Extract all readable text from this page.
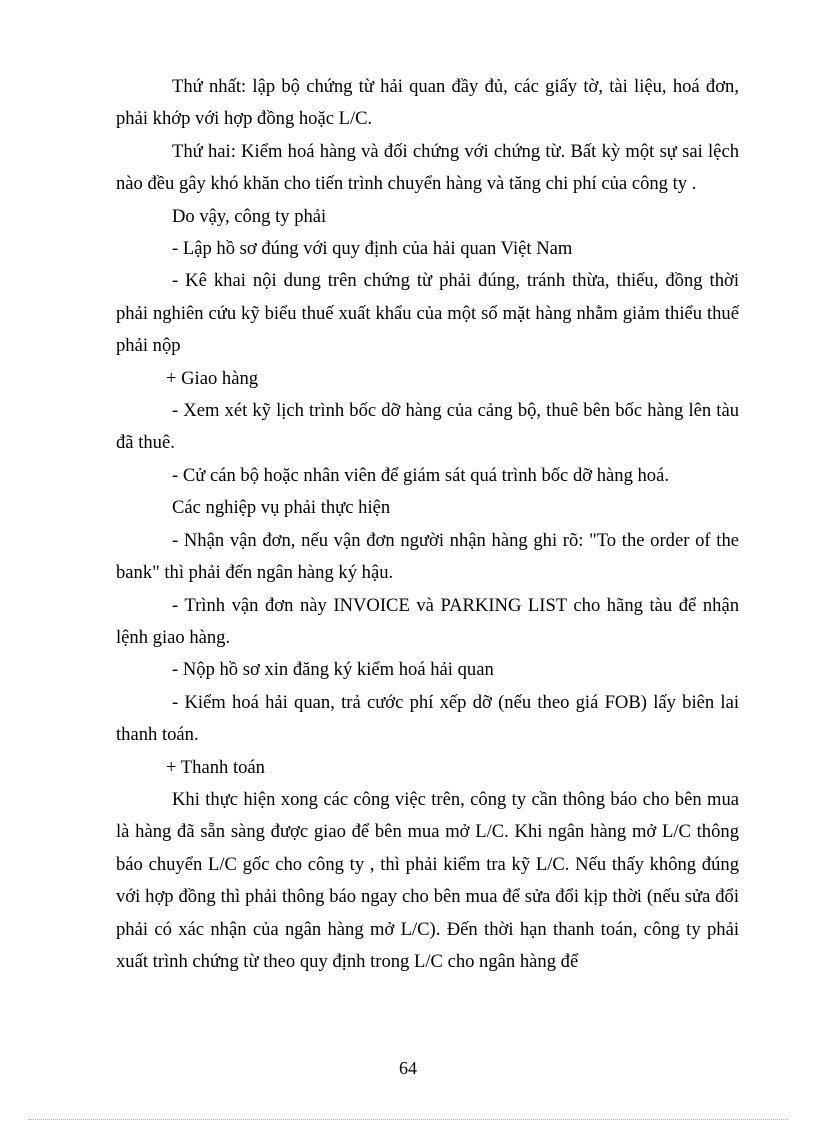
Thứ nhất: lập bộ chứng từ hải quan đầy đủ, các giấy tờ, tài liệu, hoá đơn, phải khớp với hợp đồng hoặc L/C.

Thứ hai: Kiểm hoá hàng và đối chứng với chứng từ. Bất kỳ một sự sai lệch nào đều gây khó khăn cho tiến trình chuyển hàng và tăng chi phí của công ty .

Do vậy, công ty phải

- Lập hồ sơ đúng với quy định của hải quan Việt Nam

- Kê khai nội dung trên chứng từ phải đúng, tránh thừa, thiếu, đồng thời phải nghiên cứu kỹ biểu thuế xuất khẩu của một số mặt hàng nhằm giảm thiểu thuế phải nộp

+ Giao hàng

- Xem xét kỹ lịch trình bốc dỡ hàng của cảng bộ, thuê bên bốc hàng lên tàu đã thuê.

- Cử cán bộ hoặc nhân viên để giám sát quá trình bốc dỡ hàng hoá.

Các nghiệp vụ phải thực hiện

- Nhận vận đơn, nếu vận đơn người nhận hàng ghi rõ: "To the order of the bank" thì phải đến ngân hàng ký hậu.

- Trình vận đơn này INVOICE và PARKING LIST cho hãng tàu để nhận lệnh giao hàng.

- Nộp hồ sơ xin đăng ký kiểm hoá hải quan

- Kiểm hoá hải quan, trả cước phí xếp dỡ (nếu theo giá FOB) lấy biên lai thanh toán.

+ Thanh toán

Khi thực hiện xong các công việc trên, công ty cần thông báo cho bên mua là hàng đã sẵn sàng được giao để bên mua mở L/C. Khi ngân hàng mở L/C thông báo chuyển L/C gốc cho công ty , thì phải kiểm tra kỹ L/C. Nếu thấy không đúng với hợp đồng thì phải thông báo ngay cho bên mua để sửa đổi kịp thời (nếu sửa đổi phải có xác nhận của ngân hàng mở L/C). Đến thời hạn thanh toán, công ty phải xuất trình chứng từ theo quy định trong L/C cho ngân hàng để

64
